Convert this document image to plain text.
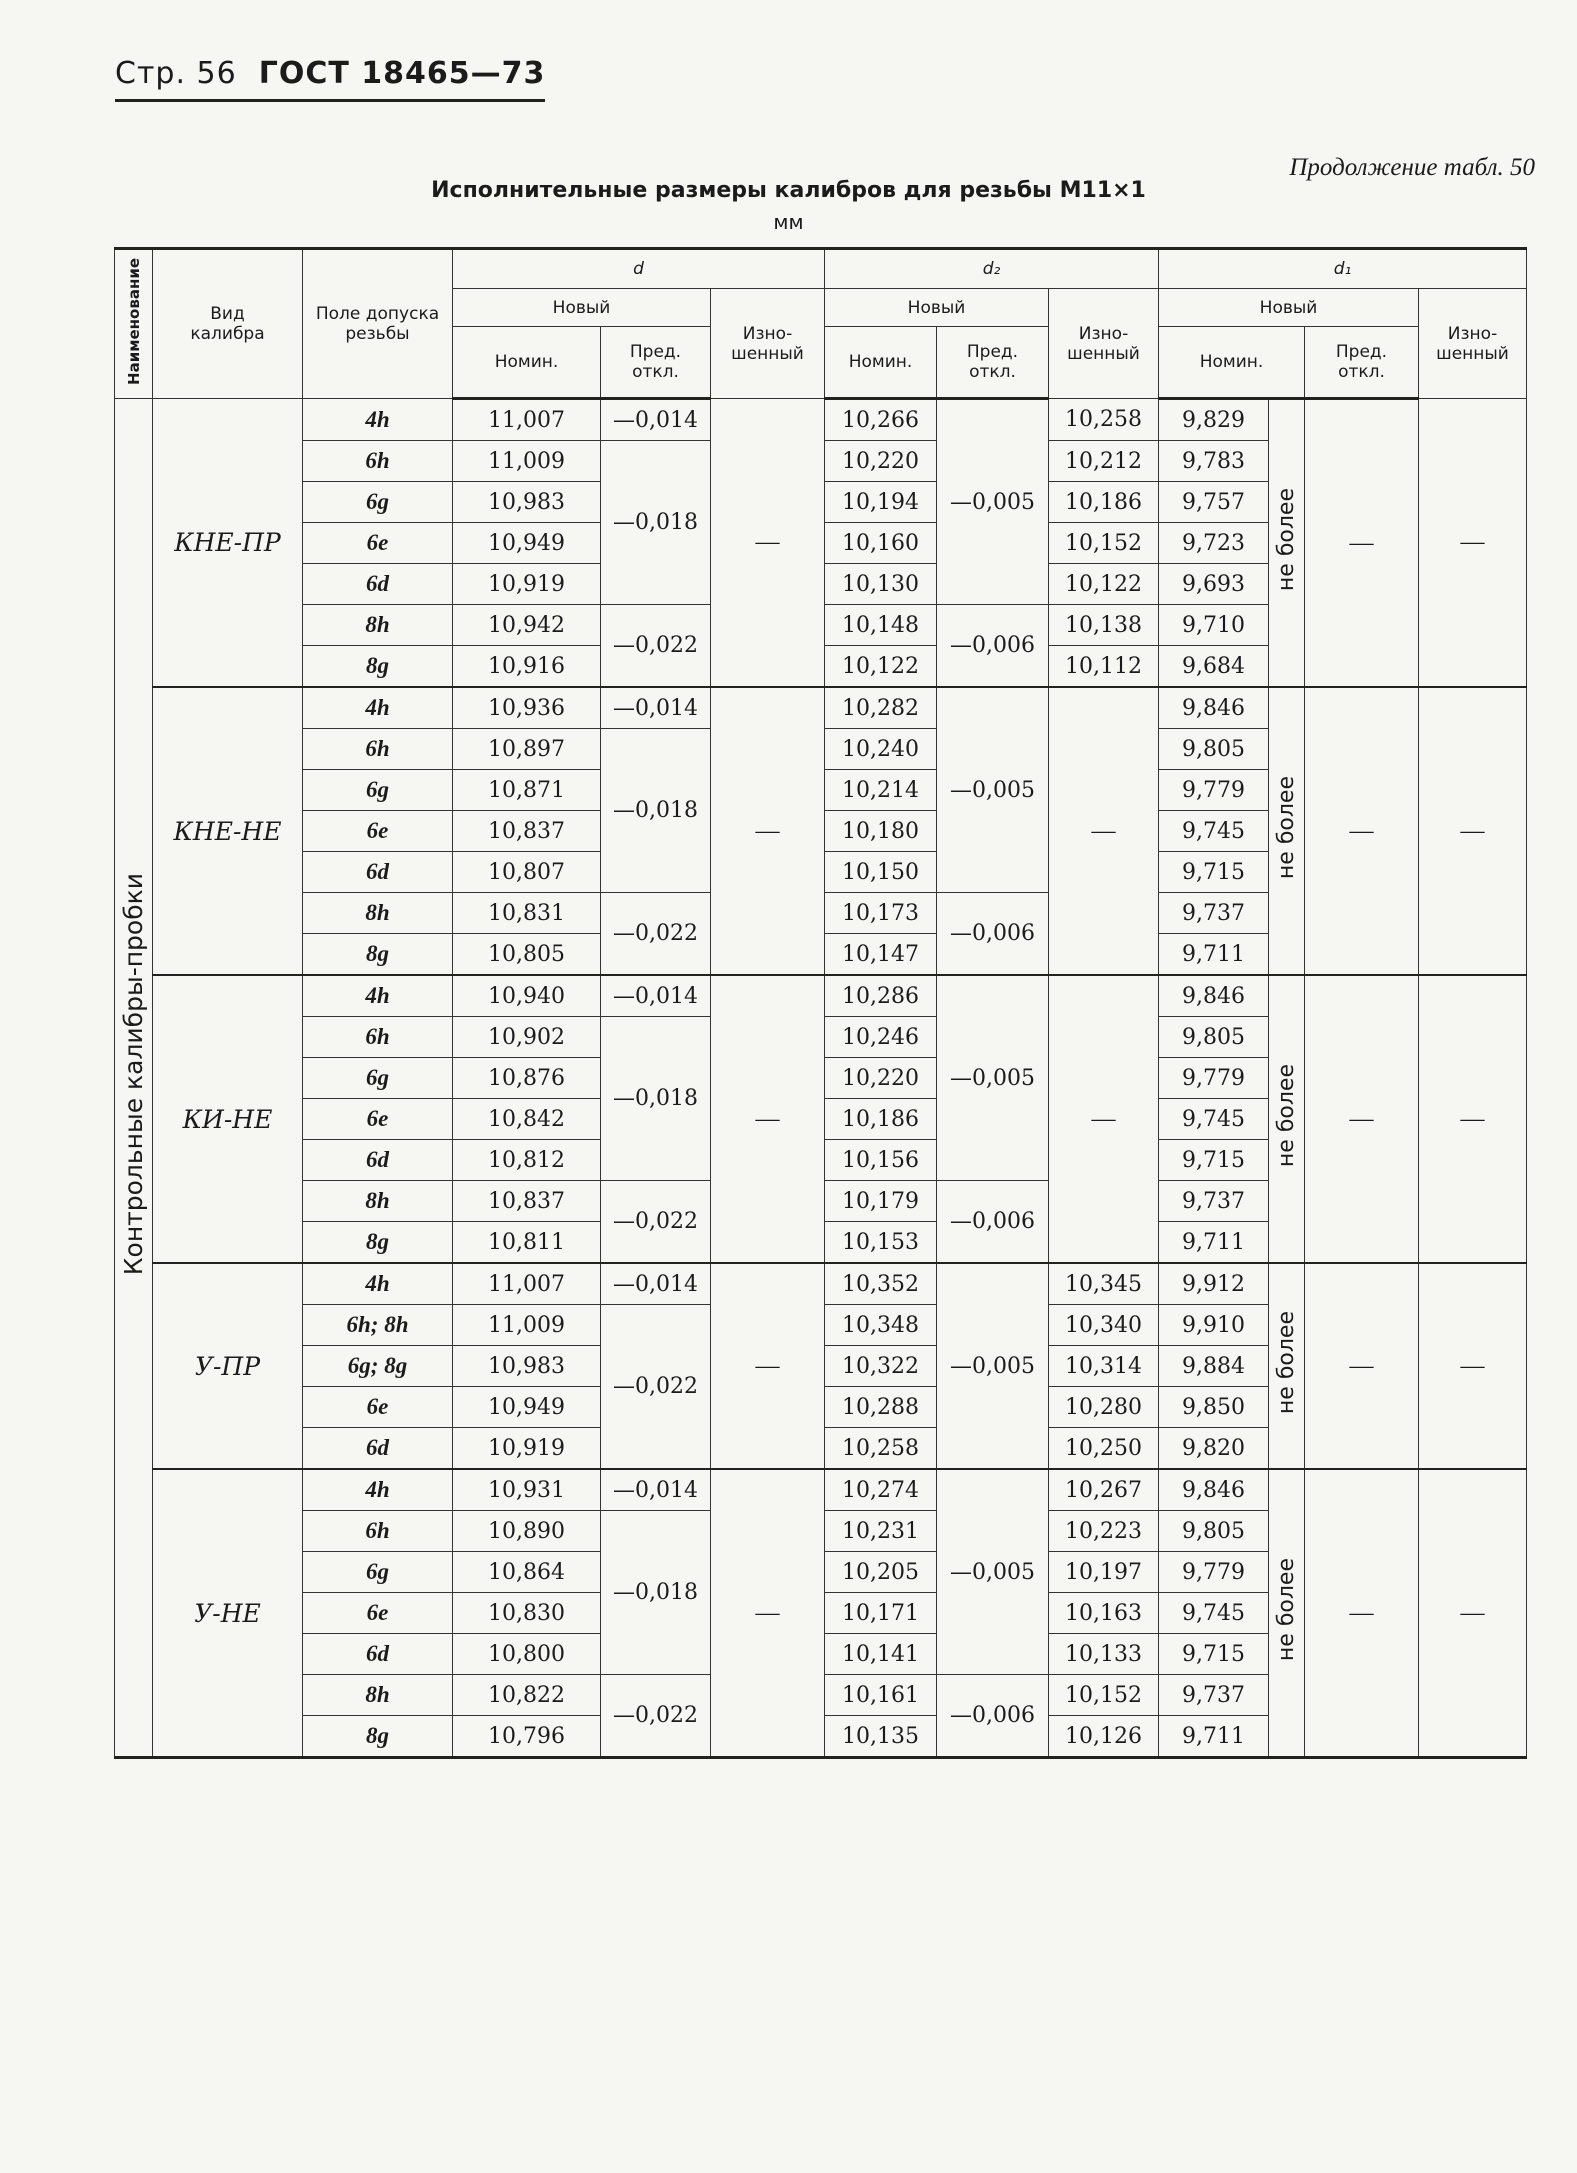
Стр. 56 ГОСТ 18465—73
Продолжение табл. 50
Исполнительные размеры калибров для резьбы М11×1
мм
Наименование	Вид калибра	Поле допуска резьбы	d			d₂			d₁			
			Новый		Изно-шенный	Новый		Изно-шенный	Новый			Изно-шенный
			Номин.	Пред. откл.		Номин.	Пред. откл.		Номин.		Пред. откл.	
Контрольные калибры-пробки	КНЕ-ПР	4h	11,007	—0,014	—	10,266	—0,005	10,258	9,829	не более	—	—
		6h	11,009	—0,018		10,220		10,212	9,783			
		6g	10,983			10,194		10,186	9,757			
		6e	10,949			10,160		10,152	9,723			
		6d	10,919			10,130		10,122	9,693			
		8h	10,942	—0,022		10,148	—0,006	10,138	9,710			
		8g	10,916			10,122		10,112	9,684			
	КНЕ-НЕ	4h	10,936	—0,014	—	10,282	—0,005	—	9,846	не более	—	—
		6h	10,897	—0,018		10,240			9,805			
		6g	10,871			10,214			9,779			
		6e	10,837			10,180			9,745			
		6d	10,807			10,150			9,715			
		8h	10,831	—0,022		10,173	—0,006		9,737			
		8g	10,805			10,147			9,711			
	КИ-НЕ	4h	10,940	—0,014	—	10,286	—0,005	—	9,846	не более	—	—
		6h	10,902	—0,018		10,246			9,805			
		6g	10,876			10,220			9,779			
		6e	10,842			10,186			9,745			
		6d	10,812			10,156			9,715			
		8h	10,837	—0,022		10,179	—0,006		9,737			
		8g	10,811			10,153			9,711			
	У-ПР	4h	11,007	—0,014	—	10,352	—0,005	10,345	9,912	не более	—	—
		6h; 8h	11,009	—0,022		10,348		10,340	9,910			
		6g; 8g	10,983			10,322		10,314	9,884			
		6e	10,949			10,288		10,280	9,850			
		6d	10,919			10,258		10,250	9,820			
	У-НЕ	4h	10,931	—0,014	—	10,274	—0,005	10,267	9,846	не более	—	—
		6h	10,890	—0,018		10,231		10,223	9,805			
		6g	10,864			10,205		10,197	9,779			
		6e	10,830			10,171		10,163	9,745			
		6d	10,800			10,141		10,133	9,715			
		8h	10,822	—0,022		10,161	—0,006	10,152	9,737			
		8g	10,796			10,135		10,126	9,711			
